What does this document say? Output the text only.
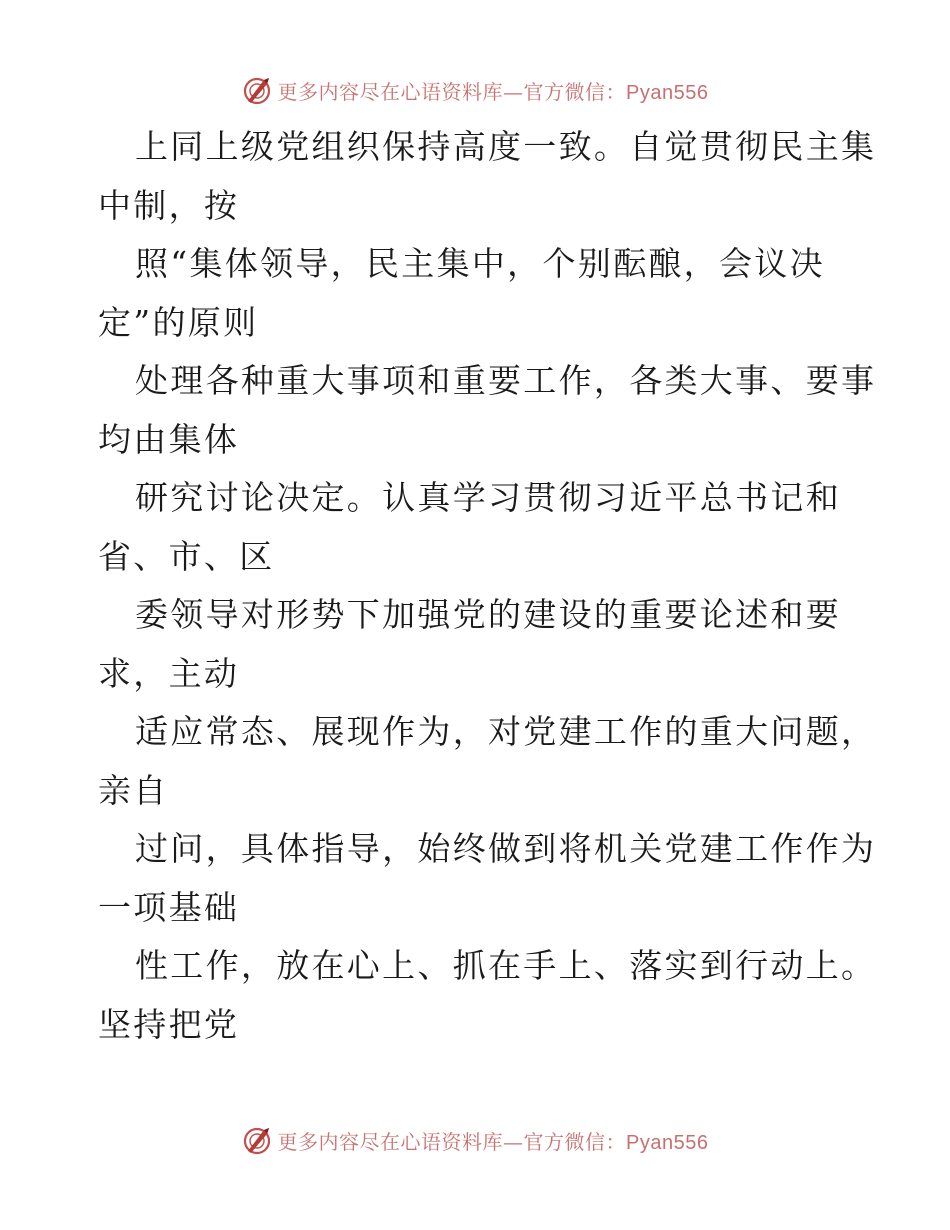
更多内容尽在心语资料库—官方微信：Pyan556
上同上级党组织保持高度一致。自觉贯彻民主集
中制，按
照“集体领导，民主集中，个别酝酿，会议决
定”的原则
处理各种重大事项和重要工作，各类大事、要事
均由集体
研究讨论决定。认真学习贯彻习近平总书记和
省、市、区
委领导对形势下加强党的建设的重要论述和要
求，主动
适应常态、展现作为，对党建工作的重大问题，
亲自
过问，具体指导，始终做到将机关党建工作作为
一项基础
性工作，放在心上、抓在手上、落实到行动上。
坚持把党
更多内容尽在心语资料库—官方微信：Pyan556
